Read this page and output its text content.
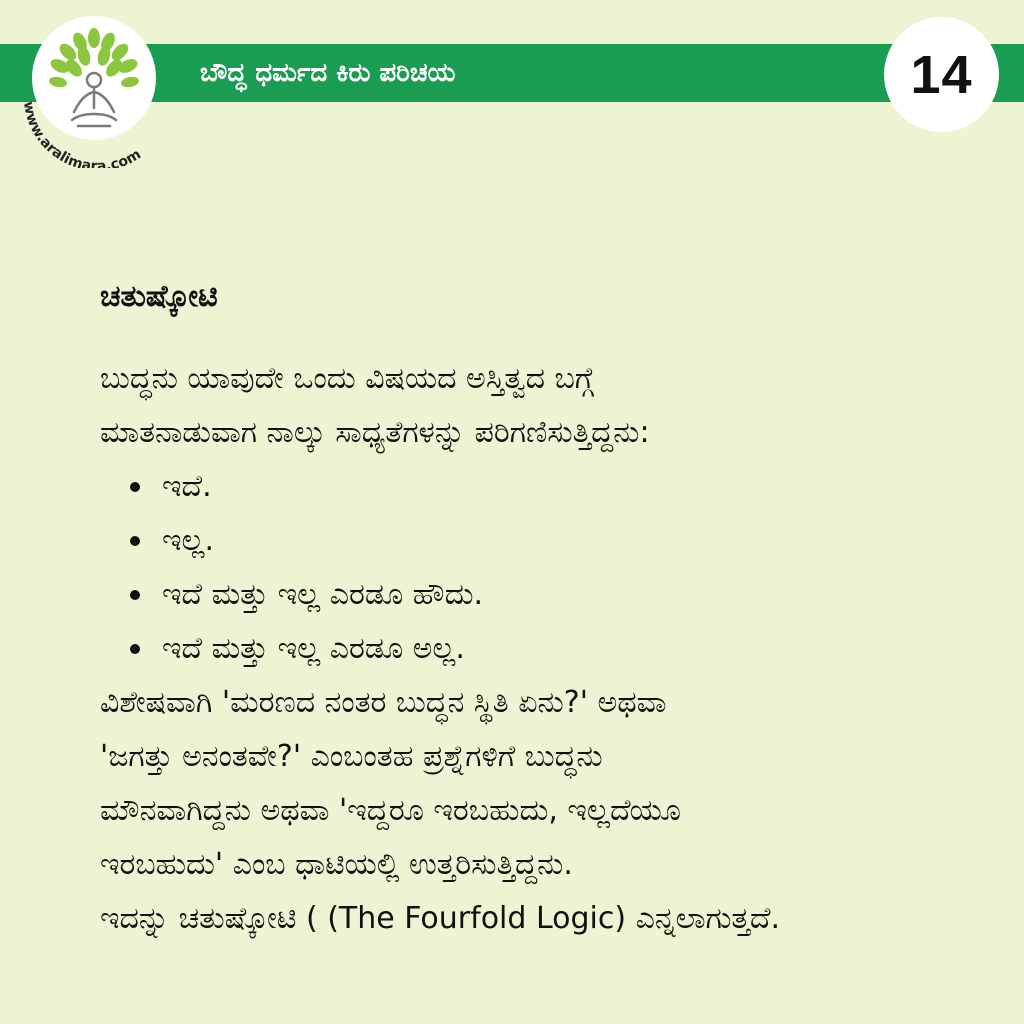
ಬೌದ್ಧ ಧರ್ಮದ ಕಿರು ಪರಿಚಯ
www.aralimara.com
14
ಚತುಷ್ಕೋಟಿ

ಬುದ್ಧನು ಯಾವುದೇ ಒಂದು ವಿಷಯದ ಅಸ್ತಿತ್ವದ ಬಗ್ಗೆ

ಮಾತನಾಡುವಾಗ ನಾಲ್ಕು ಸಾಧ್ಯತೆಗಳನ್ನು ಪರಿಗಣಿಸುತ್ತಿದ್ದನು:

ಇದೆ.
ಇಲ್ಲ.
ಇದೆ ಮತ್ತು ಇಲ್ಲ ಎರಡೂ ಹೌದು.
ಇದೆ ಮತ್ತು ಇಲ್ಲ ಎರಡೂ ಅಲ್ಲ.

ವಿಶೇಷವಾಗಿ 'ಮರಣದ ನಂತರ ಬುದ್ಧನ ಸ್ಥಿತಿ ಏನು?' ಅಥವಾ

'ಜಗತ್ತು ಅನಂತವೇ?' ಎಂಬಂತಹ ಪ್ರಶ್ನೆಗಳಿಗೆ ಬುದ್ಧನು

ಮೌನವಾಗಿದ್ದನು ಅಥವಾ 'ಇದ್ದರೂ ಇರಬಹುದು, ಇಲ್ಲದೆಯೂ

ಇರಬಹುದು' ಎಂಬ ಧಾಟಿಯಲ್ಲಿ ಉತ್ತರಿಸುತ್ತಿದ್ದನು.

ಇದನ್ನು ಚತುಷ್ಕೋಟಿ ( (The Fourfold Logic) ಎನ್ನಲಾಗುತ್ತದೆ.
